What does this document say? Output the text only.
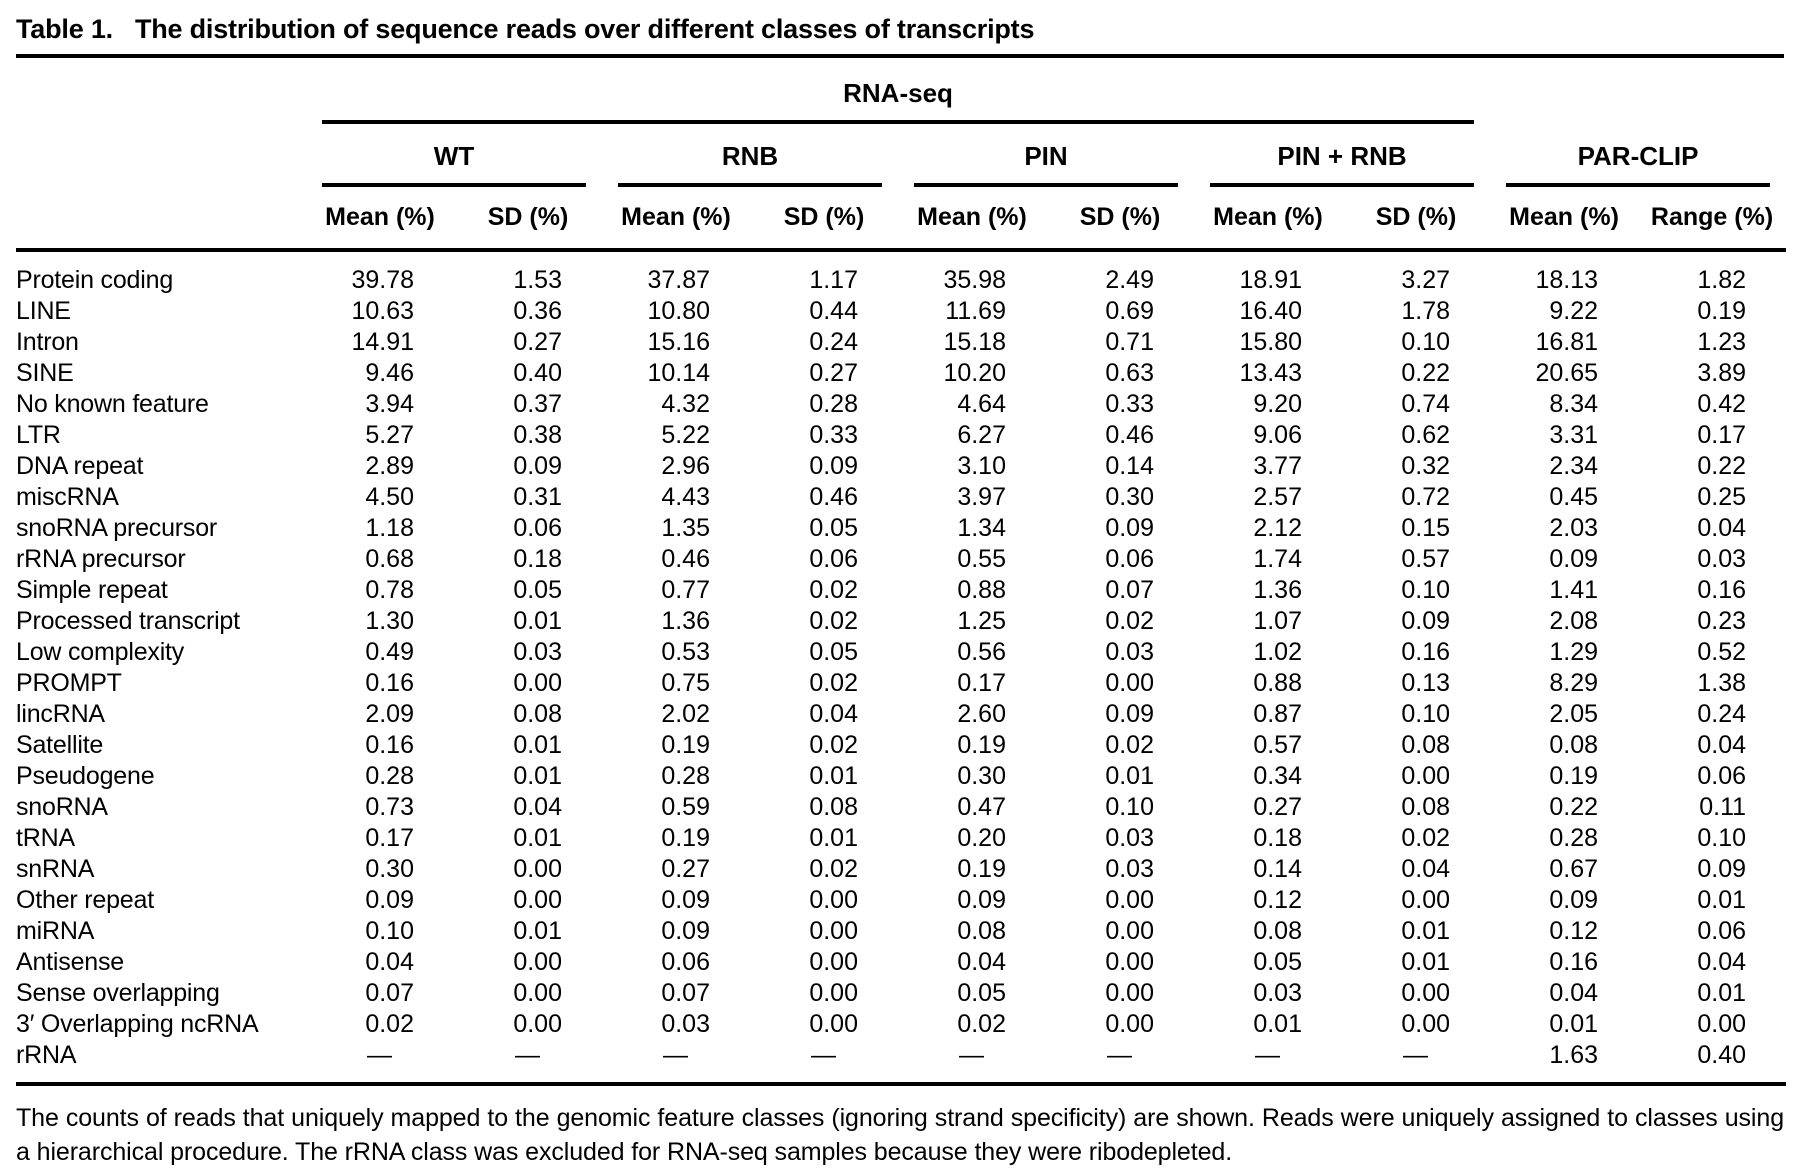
Table 1. The distribution of sequence reads over different classes of transcripts

	RNA-seq									

	WT		RNB		PIN		PIN + RNB		PAR-CLIP	

	Mean (%)	SD (%)	Mean (%)	SD (%)	Mean (%)	SD (%)	Mean (%)	SD (%)	Mean (%)	Range (%)
Protein coding	39.78	1.53	37.87	1.17	35.98	2.49	18.91	3.27	18.13	1.82
LINE	10.63	0.36	10.80	0.44	11.69	0.69	16.40	1.78	9.22	0.19
Intron	14.91	0.27	15.16	0.24	15.18	0.71	15.80	0.10	16.81	1.23
SINE	9.46	0.40	10.14	0.27	10.20	0.63	13.43	0.22	20.65	3.89
No known feature	3.94	0.37	4.32	0.28	4.64	0.33	9.20	0.74	8.34	0.42
LTR	5.27	0.38	5.22	0.33	6.27	0.46	9.06	0.62	3.31	0.17
DNA repeat	2.89	0.09	2.96	0.09	3.10	0.14	3.77	0.32	2.34	0.22
miscRNA	4.50	0.31	4.43	0.46	3.97	0.30	2.57	0.72	0.45	0.25
snoRNA precursor	1.18	0.06	1.35	0.05	1.34	0.09	2.12	0.15	2.03	0.04
rRNA precursor	0.68	0.18	0.46	0.06	0.55	0.06	1.74	0.57	0.09	0.03
Simple repeat	0.78	0.05	0.77	0.02	0.88	0.07	1.36	0.10	1.41	0.16
Processed transcript	1.30	0.01	1.36	0.02	1.25	0.02	1.07	0.09	2.08	0.23
Low complexity	0.49	0.03	0.53	0.05	0.56	0.03	1.02	0.16	1.29	0.52
PROMPT	0.16	0.00	0.75	0.02	0.17	0.00	0.88	0.13	8.29	1.38
lincRNA	2.09	0.08	2.02	0.04	2.60	0.09	0.87	0.10	2.05	0.24
Satellite	0.16	0.01	0.19	0.02	0.19	0.02	0.57	0.08	0.08	0.04
Pseudogene	0.28	0.01	0.28	0.01	0.30	0.01	0.34	0.00	0.19	0.06
snoRNA	0.73	0.04	0.59	0.08	0.47	0.10	0.27	0.08	0.22	0.11
tRNA	0.17	0.01	0.19	0.01	0.20	0.03	0.18	0.02	0.28	0.10
snRNA	0.30	0.00	0.27	0.02	0.19	0.03	0.14	0.04	0.67	0.09
Other repeat	0.09	0.00	0.09	0.00	0.09	0.00	0.12	0.00	0.09	0.01
miRNA	0.10	0.01	0.09	0.00	0.08	0.00	0.08	0.01	0.12	0.06
Antisense	0.04	0.00	0.06	0.00	0.04	0.00	0.05	0.01	0.16	0.04
Sense overlapping	0.07	0.00	0.07	0.00	0.05	0.00	0.03	0.00	0.04	0.01
3′ Overlapping ncRNA	0.02	0.00	0.03	0.00	0.02	0.00	0.01	0.00	0.01	0.00
rRNA	—	—	—	—	—	—	—	—	1.63	0.40
The counts of reads that uniquely mapped to the genomic feature classes (ignoring strand specificity) are shown. Reads were uniquely assigned to classes using a hierarchical procedure. The rRNA class was excluded for RNA-seq samples because they were ribodepleted.
